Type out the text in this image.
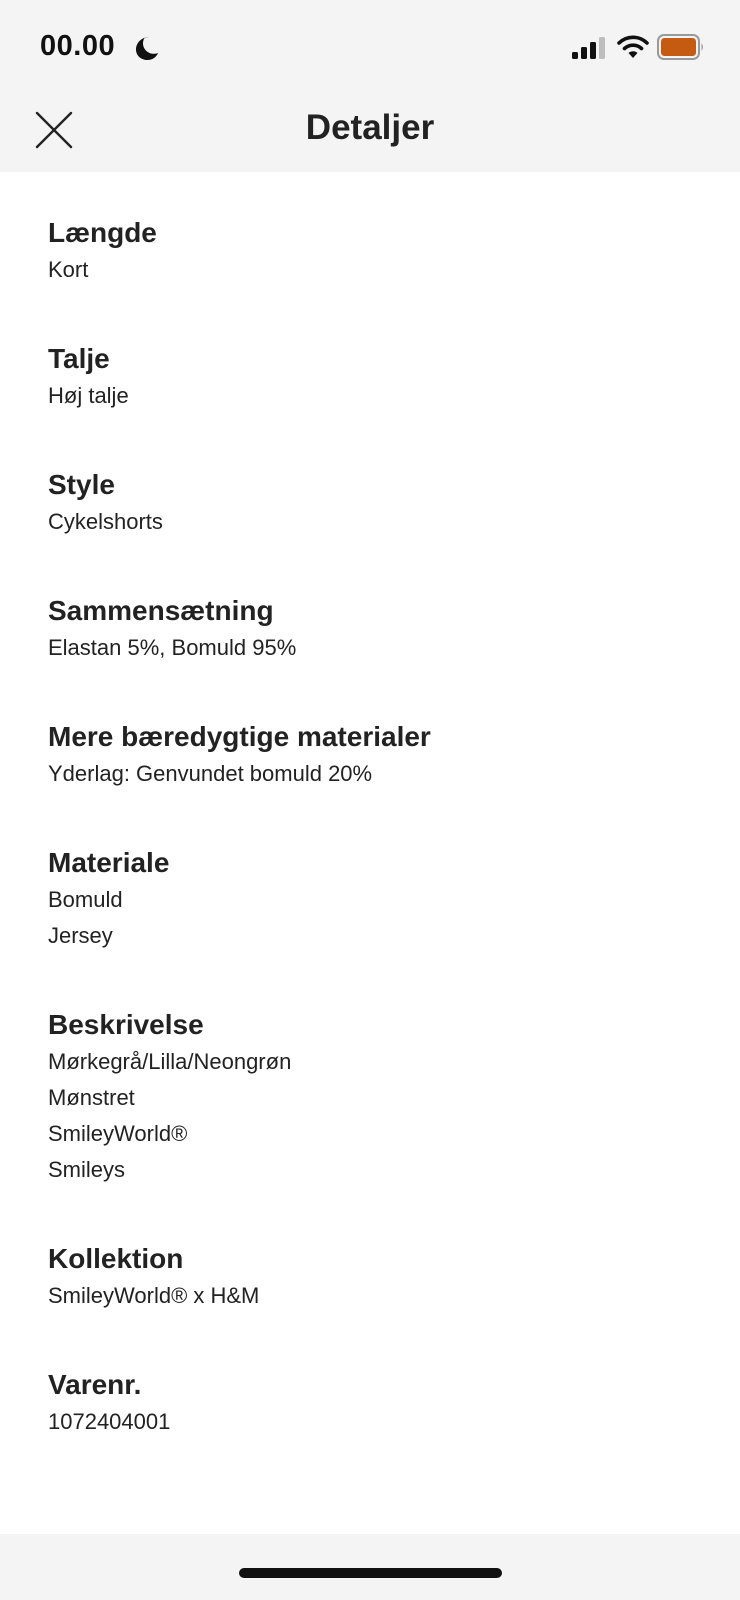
00.00
Detaljer
Længde
Kort
Talje
Høj talje
Style
Cykelshorts
Sammensætning
Elastan 5%, Bomuld 95%
Mere bæredygtige materialer
Yderlag: Genvundet bomuld 20%
Materiale
Bomuld
Jersey
Beskrivelse
Mørkegrå/Lilla/Neongrøn
Mønstret
SmileyWorld®
Smileys
Kollektion
SmileyWorld® x H&M
Varenr.
1072404001
